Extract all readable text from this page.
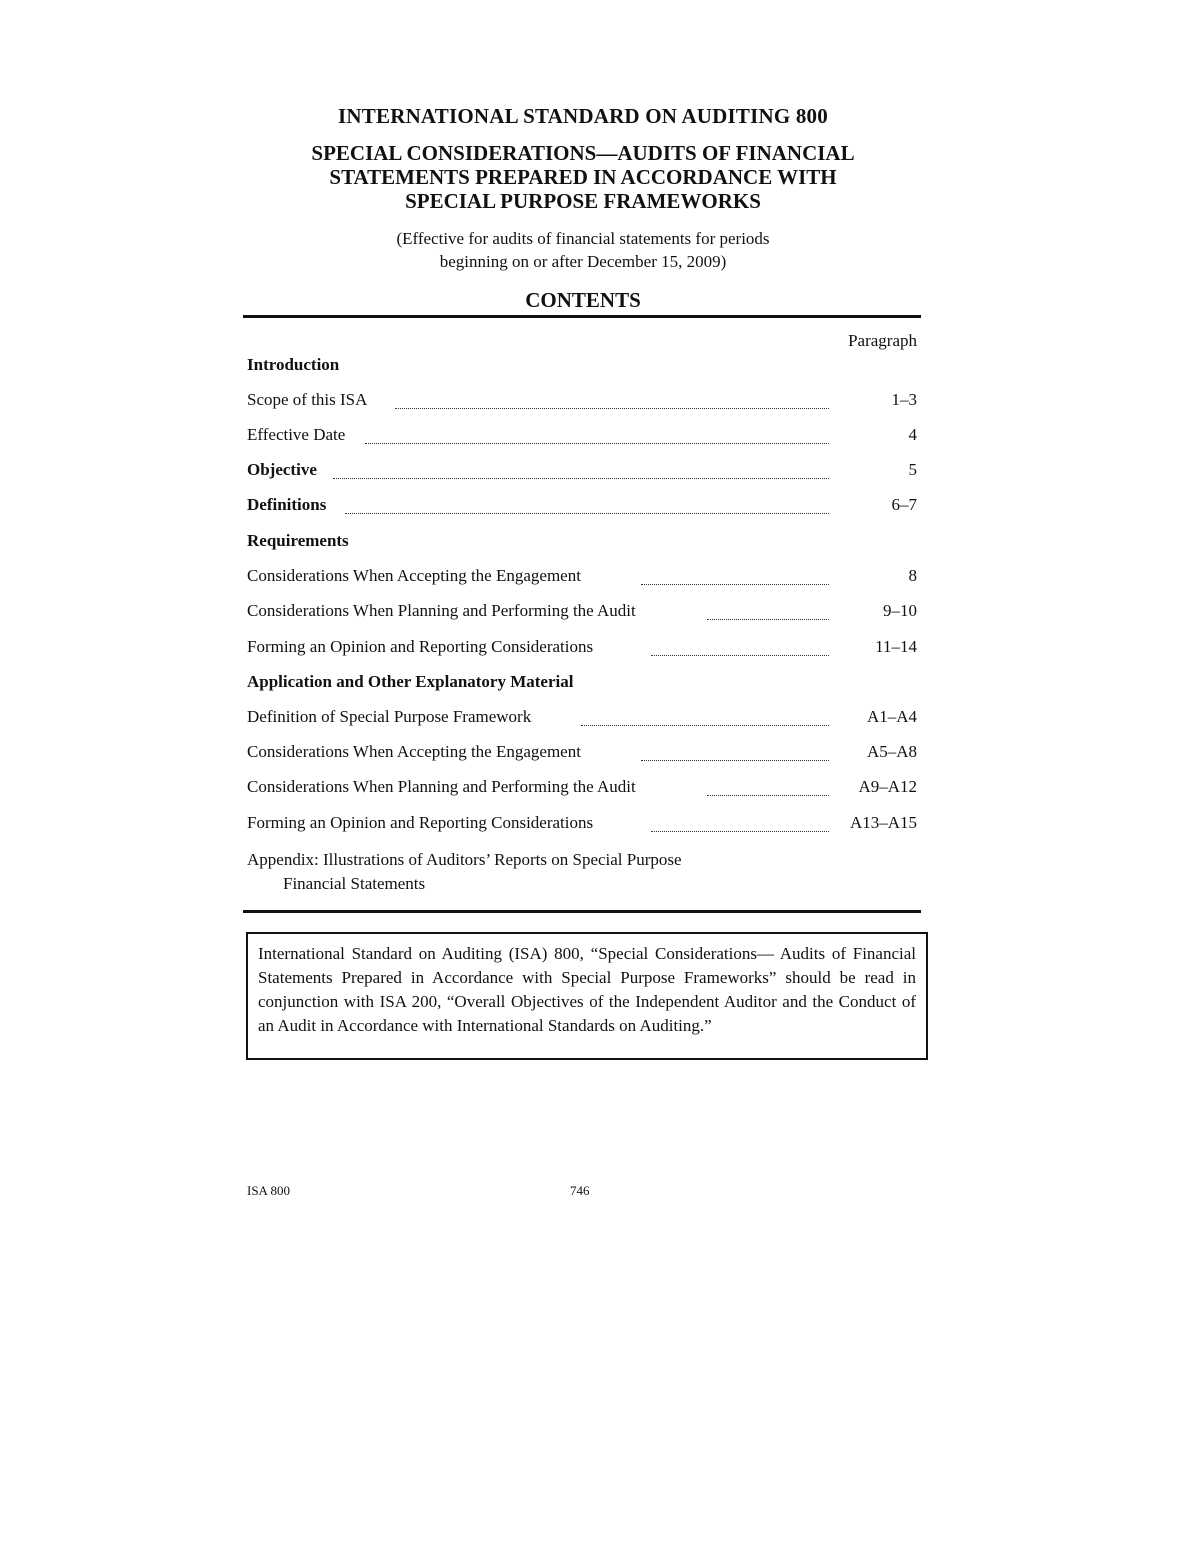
INTERNATIONAL STANDARD ON AUDITING 800
SPECIAL CONSIDERATIONS—AUDITS OF FINANCIAL
STATEMENTS PREPARED IN ACCORDANCE WITH
SPECIAL PURPOSE FRAMEWORKS
(Effective for audits of financial statements for periods
beginning on or after December 15, 2009)
CONTENTS
Paragraph
Introduction
Scope of this ISA	1–3
Effective Date	4
Objective	5
Definitions	6–7
Requirements
Considerations When Accepting the Engagement	8
Considerations When Planning and Performing the Audit	9–10
Forming an Opinion and Reporting Considerations	11–14
Application and Other Explanatory Material
Definition of Special Purpose Framework	A1–A4
Considerations When Accepting the Engagement	A5–A8
Considerations When Planning and Performing the Audit	A9–A12
Forming an Opinion and Reporting Considerations	A13–A15
Appendix: Illustrations of Auditors’ Reports on Special Purpose
Financial Statements
International Standard on Auditing (ISA) 800, “Special Considerations— Audits of Financial Statements Prepared in Accordance with Special Purpose Frameworks” should be read in conjunction with ISA 200, “Overall Objectives of the Independent Auditor and the Conduct of an Audit in Accordance with International Standards on Auditing.”
ISA 800	746
